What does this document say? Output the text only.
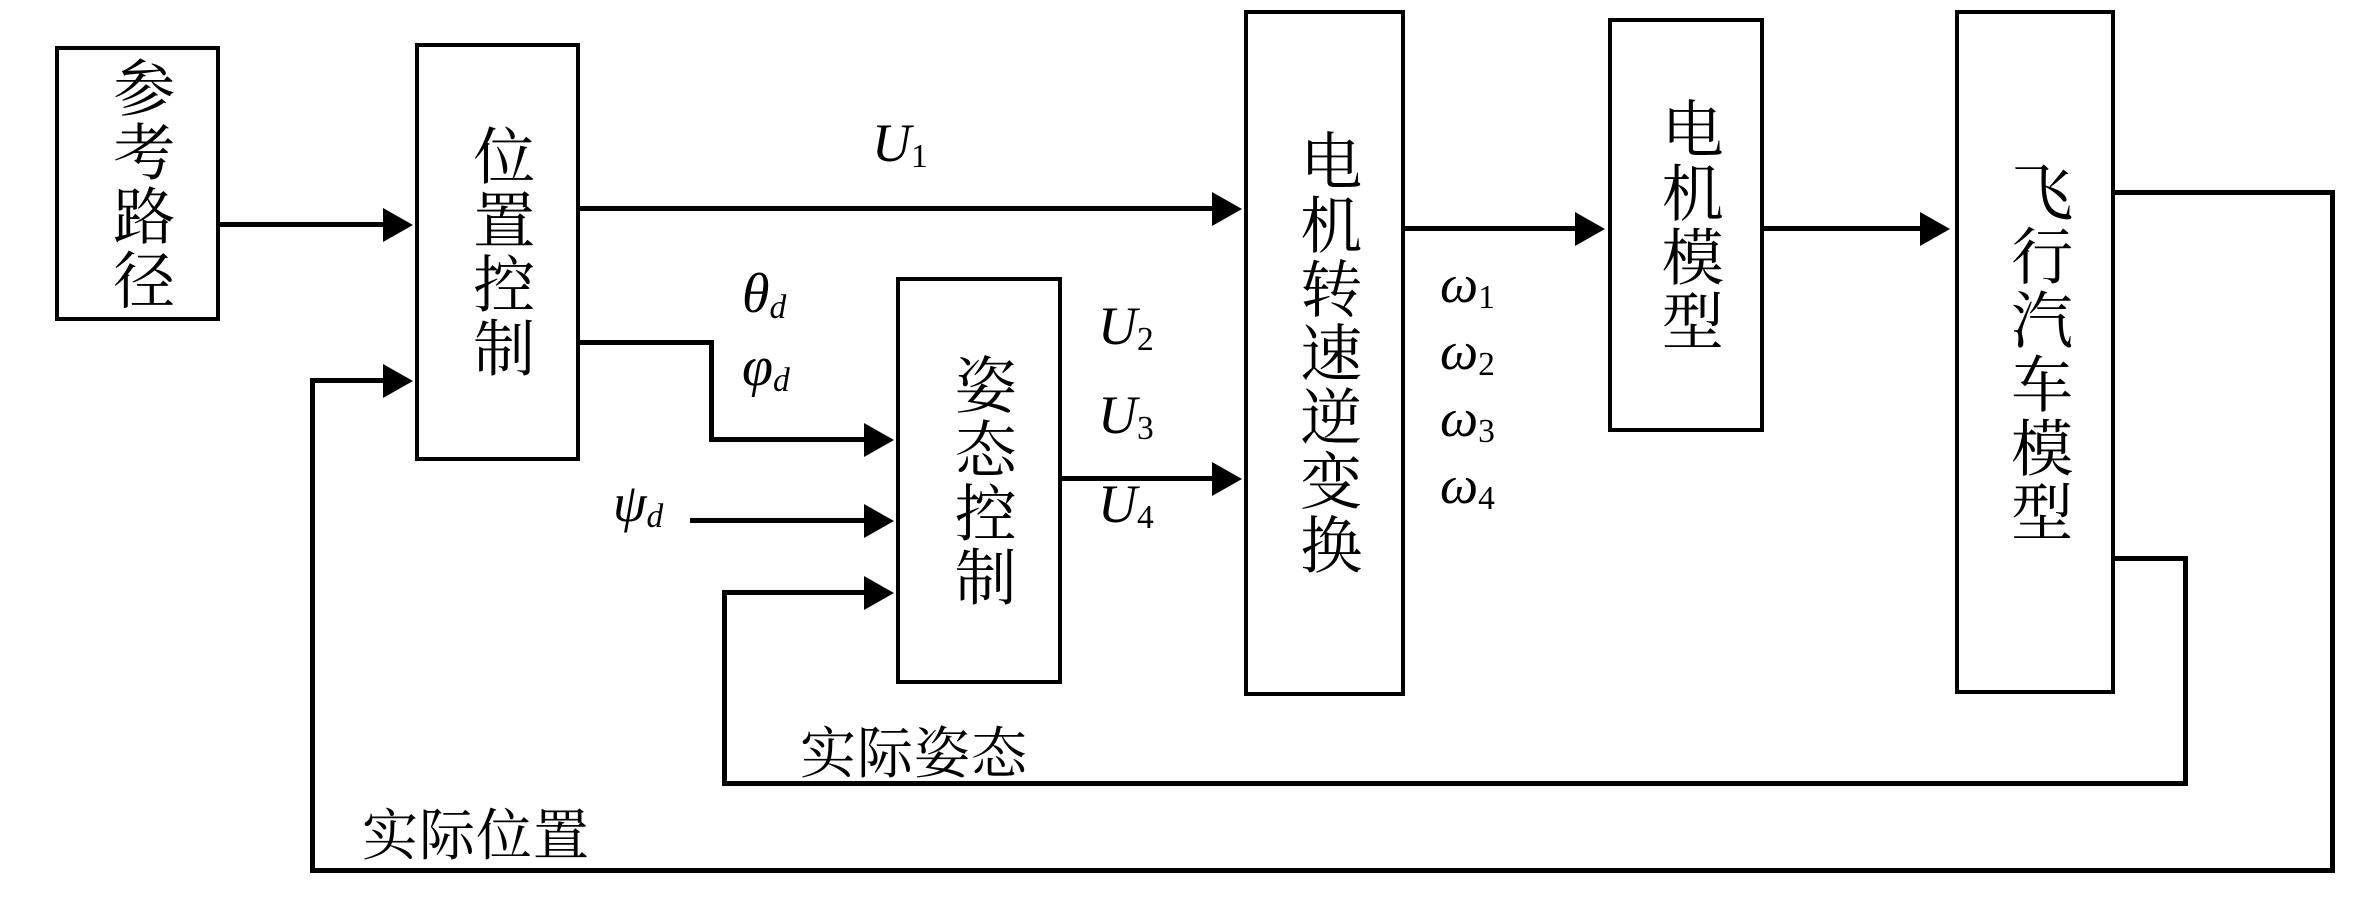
参考路径	位置控制
姿态控制	电机转速逆变换	电机模型	飞行汽车模型
$U_1$
θd
φd
ψd
$U_2$
$U_3$
$U_4$
$\omega_1$
$\omega_2$
$\omega_3$
$\omega_4$
实际姿态
实际位置
